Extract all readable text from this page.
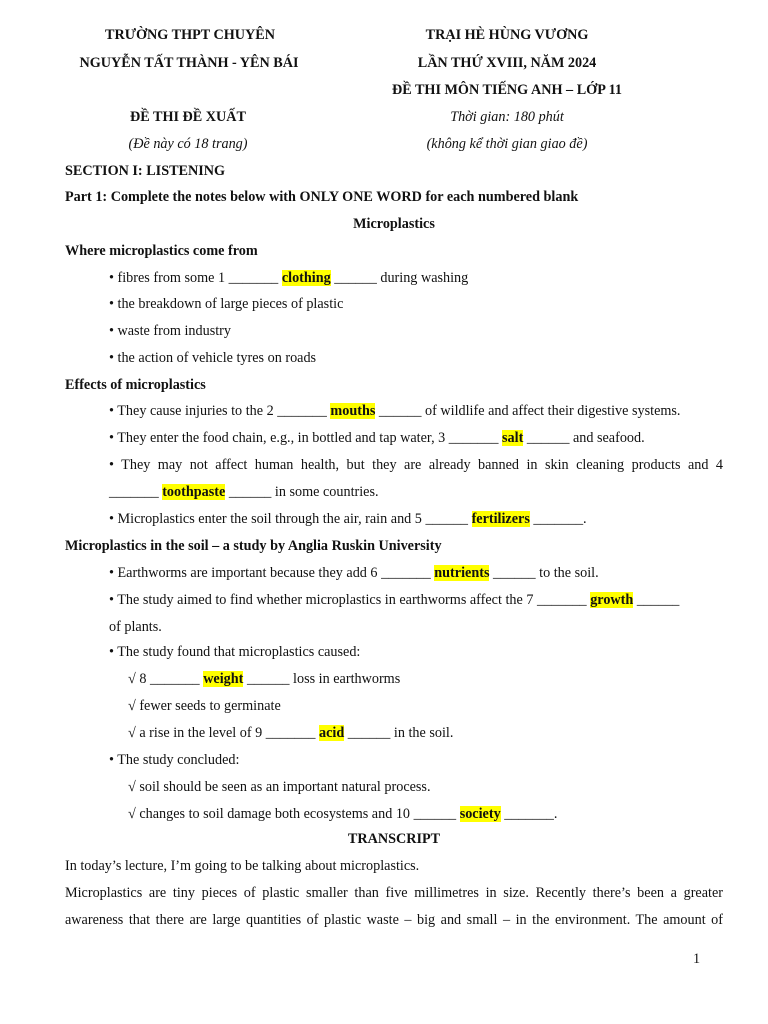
TRƯỜNG THPT CHUYÊN
NGUYỄN TẤT THÀNH - YÊN BÁI
TRẠI HÈ HÙNG VƯƠNG
LẦN THỨ XVIII, NĂM 2024
ĐỀ THI MÔN TIẾNG ANH – LỚP 11
ĐỀ THI ĐỀ XUẤT	Thời gian: 180 phút
(Đề này có 18 trang)	(không kể thời gian giao đề)
SECTION I: LISTENING
Part 1: Complete the notes below with ONLY ONE WORD for each numbered blank
Microplastics
Where microplastics come from
• fibres from some 1 _______ clothing ______ during washing
• the breakdown of large pieces of plastic
• waste from industry
• the action of vehicle tyres on roads
Effects of microplastics
• They cause injuries to the 2 _______ mouths ______ of wildlife and affect their digestive systems.
• They enter the food chain, e.g., in bottled and tap water, 3 _______ salt ______ and seafood.
• They may not affect human health, but they are already banned in skin cleaning products and 4
_______ toothpaste ______ in some countries.
• Microplastics enter the soil through the air, rain and 5 ______ fertilizers _______.
Microplastics in the soil – a study by Anglia Ruskin University
• Earthworms are important because they add 6 _______ nutrients ______ to the soil.
• The study aimed to find whether microplastics in earthworms affect the 7 _______ growth ______
of plants.
• The study found that microplastics caused:
√ 8 _______ weight ______ loss in earthworms
√ fewer seeds to germinate
√ a rise in the level of 9 _______ acid ______ in the soil.
• The study concluded:
√ soil should be seen as an important natural process.
√ changes to soil damage both ecosystems and 10 ______ society _______.
TRANSCRIPT
In today’s lecture, I’m going to be talking about microplastics.
Microplastics are tiny pieces of plastic smaller than five millimetres in size. Recently there’s been a greater
awareness that there are large quantities of plastic waste – big and small – in the environment. The amount of
1
